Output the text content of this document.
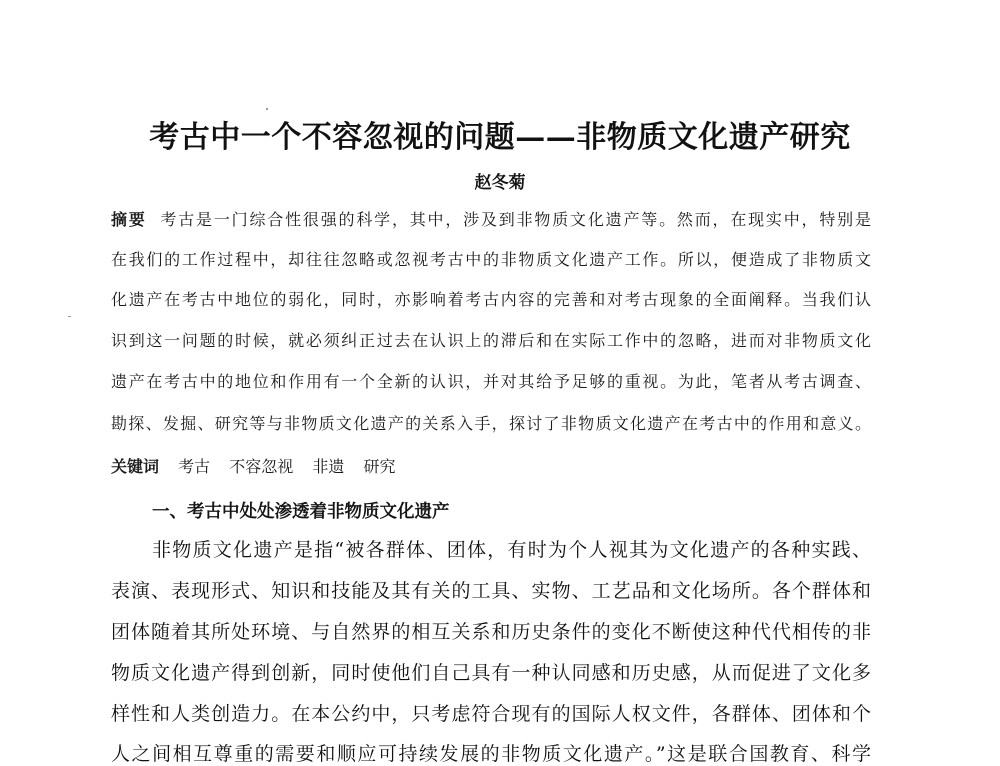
考古中一个不容忽视的问题——非物质文化遗产研究
赵冬菊
摘要 考古是一门综合性很强的科学，其中，涉及到非物质文化遗产等。然而，在现实中，特别是
在我们的工作过程中，却往往忽略或忽视考古中的非物质文化遗产工作。所以，便造成了非物质文
化遗产在考古中地位的弱化，同时，亦影响着考古内容的完善和对考古现象的全面阐释。当我们认
识到这一问题的时候，就必须纠正过去在认识上的滞后和在实际工作中的忽略，进而对非物质文化
遗产在考古中的地位和作用有一个全新的认识，并对其给予足够的重视。为此，笔者从考古调查、
勘探、发掘、研究等与非物质文化遗产的关系入手，探讨了非物质文化遗产在考古中的作用和意义。
关键词 考古 不容忽视 非遗 研究
一、考古中处处渗透着非物质文化遗产
非物质文化遗产是指“被各群体、团体，有时为个人视其为文化遗产的各种实践、
表演、表现形式、知识和技能及其有关的工具、实物、工艺品和文化场所。各个群体和
团体随着其所处环境、与自然界的相互关系和历史条件的变化不断使这种代代相传的非
物质文化遗产得到创新，同时使他们自己具有一种认同感和历史感，从而促进了文化多
样性和人类创造力。在本公约中，只考虑符合现有的国际人权文件，各群体、团体和个
人之间相互尊重的需要和顺应可持续发展的非物质文化遗产。”这是联合国教育、科学
